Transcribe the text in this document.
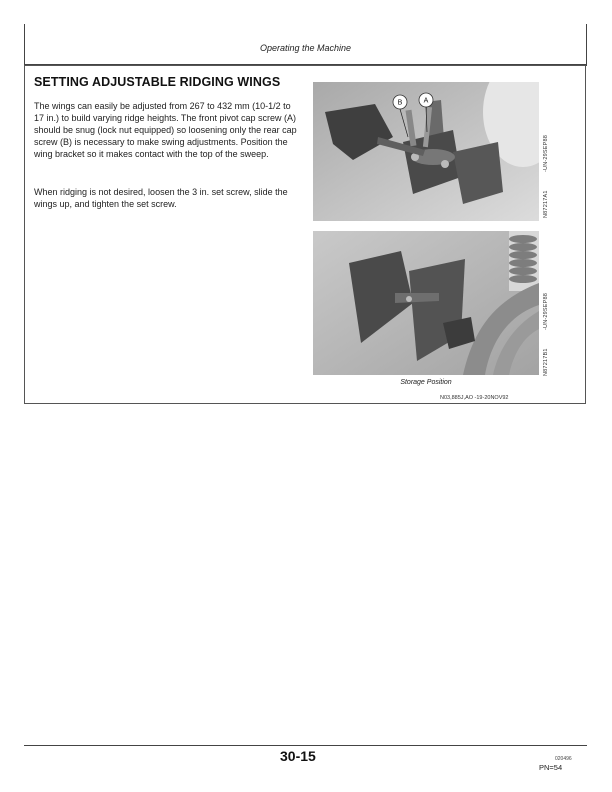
Operating the Machine
SETTING ADJUSTABLE RIDGING WINGS
The wings can easily be adjusted from 267 to 432 mm (10-1/2 to 17 in.) to build varying ridge heights. The front pivot cap screw (A) should be snug (lock nut equipped) so loosening only the rear cap screw (B) is necessary to make swing adjustments. Position the wing bracket so it makes contact with the top of the sweep.
When ridging is not desired, loosen the 3 in. set screw, slide the wings up, and tighten the set screw.
B	A
N87217A1
-UN-29SEP88
N87217B1
-UN-29SEP88
Storage Position
N03,885J,AO -19-20NOV92
30-15	020496
PN=54
